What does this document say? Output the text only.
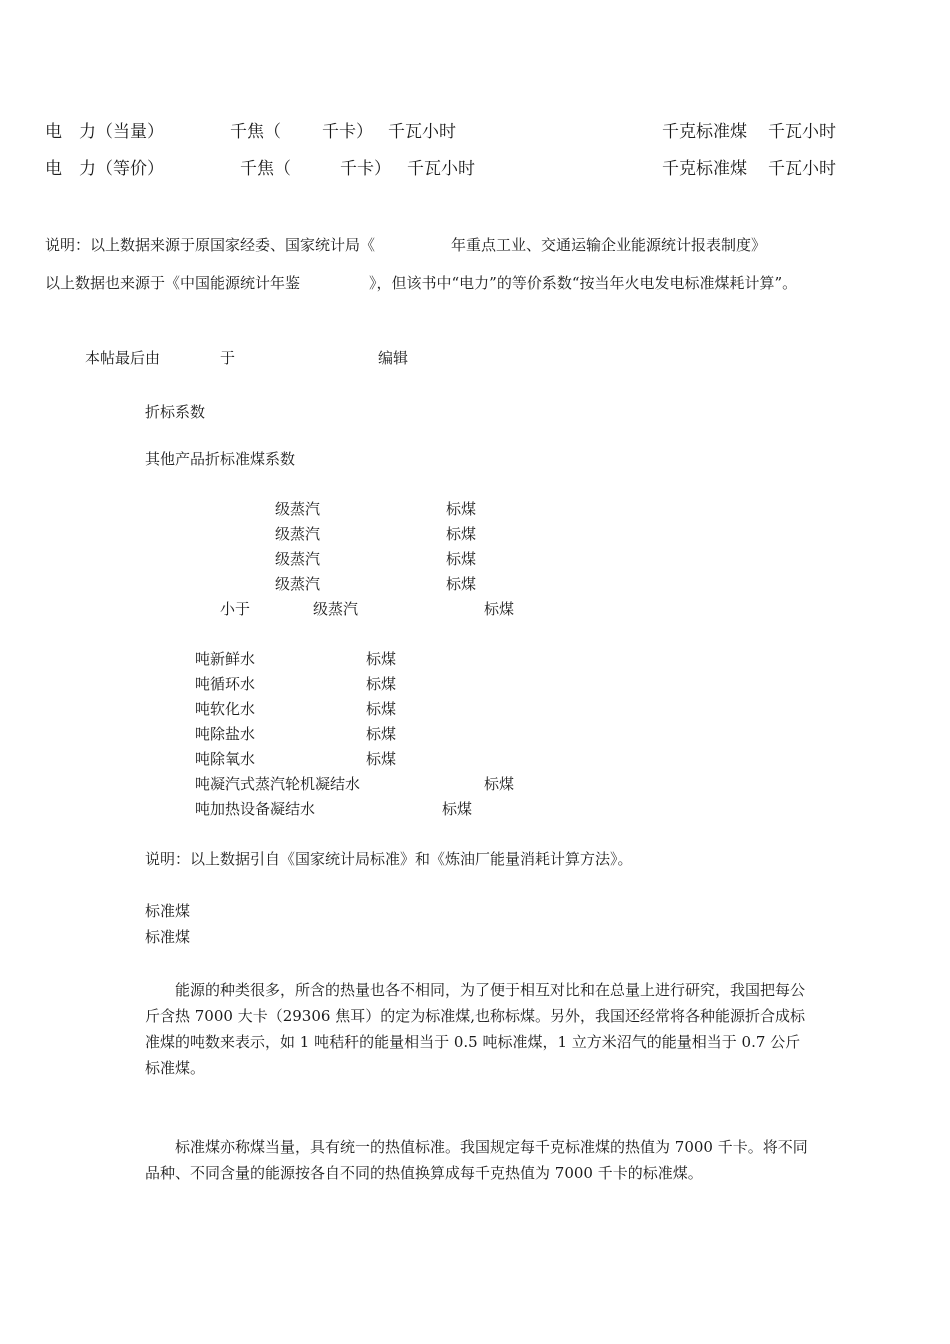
电　力（当量）	千焦（ 千卡） 千瓦小时	千克标准煤 千瓦小时
电　力（等价）	千焦（	千卡） 千瓦小时	千克标准煤 千瓦小时
说明：以上数据来源于原国家经委、国家统计局《	年重点工业、交通运输企业能源统计报表制度》
以上数据也来源于《中国能源统计年鉴	》，但该书中“电力”的等价系数“按当年火电发电标准煤耗计算”。
本帖最后由	于	编辑
折标系数
其他产品折标准煤系数
级蒸汽	标煤
级蒸汽	标煤
级蒸汽	标煤
级蒸汽	标煤
小于	级蒸汽	标煤
吨新鲜水	标煤
吨循环水	标煤
吨软化水	标煤
吨除盐水	标煤
吨除氧水	标煤
吨凝汽式蒸汽轮机凝结水	标煤
吨加热设备凝结水	标煤
说明：以上数据引自《国家统计局标准》和《炼油厂能量消耗计算方法》。
标准煤
标准煤

能源的种类很多，所含的热量也各不相同，为了便于相互对比和在总量上进行研究，我国把每公斤含热 7000 大卡（29306 焦耳）的定为标准煤,也称标煤。另外，我国还经常将各种能源折合成标准煤的吨数来表示，如 1 吨秸秆的能量相当于 0.5 吨标准煤，1 立方米沼气的能量相当于 0.7 公斤标准煤。

标准煤亦称煤当量，具有统一的热值标准。我国规定每千克标准煤的热值为 7000 千卡。将不同品种、不同含量的能源按各自不同的热值换算成每千克热值为 7000 千卡的标准煤。
